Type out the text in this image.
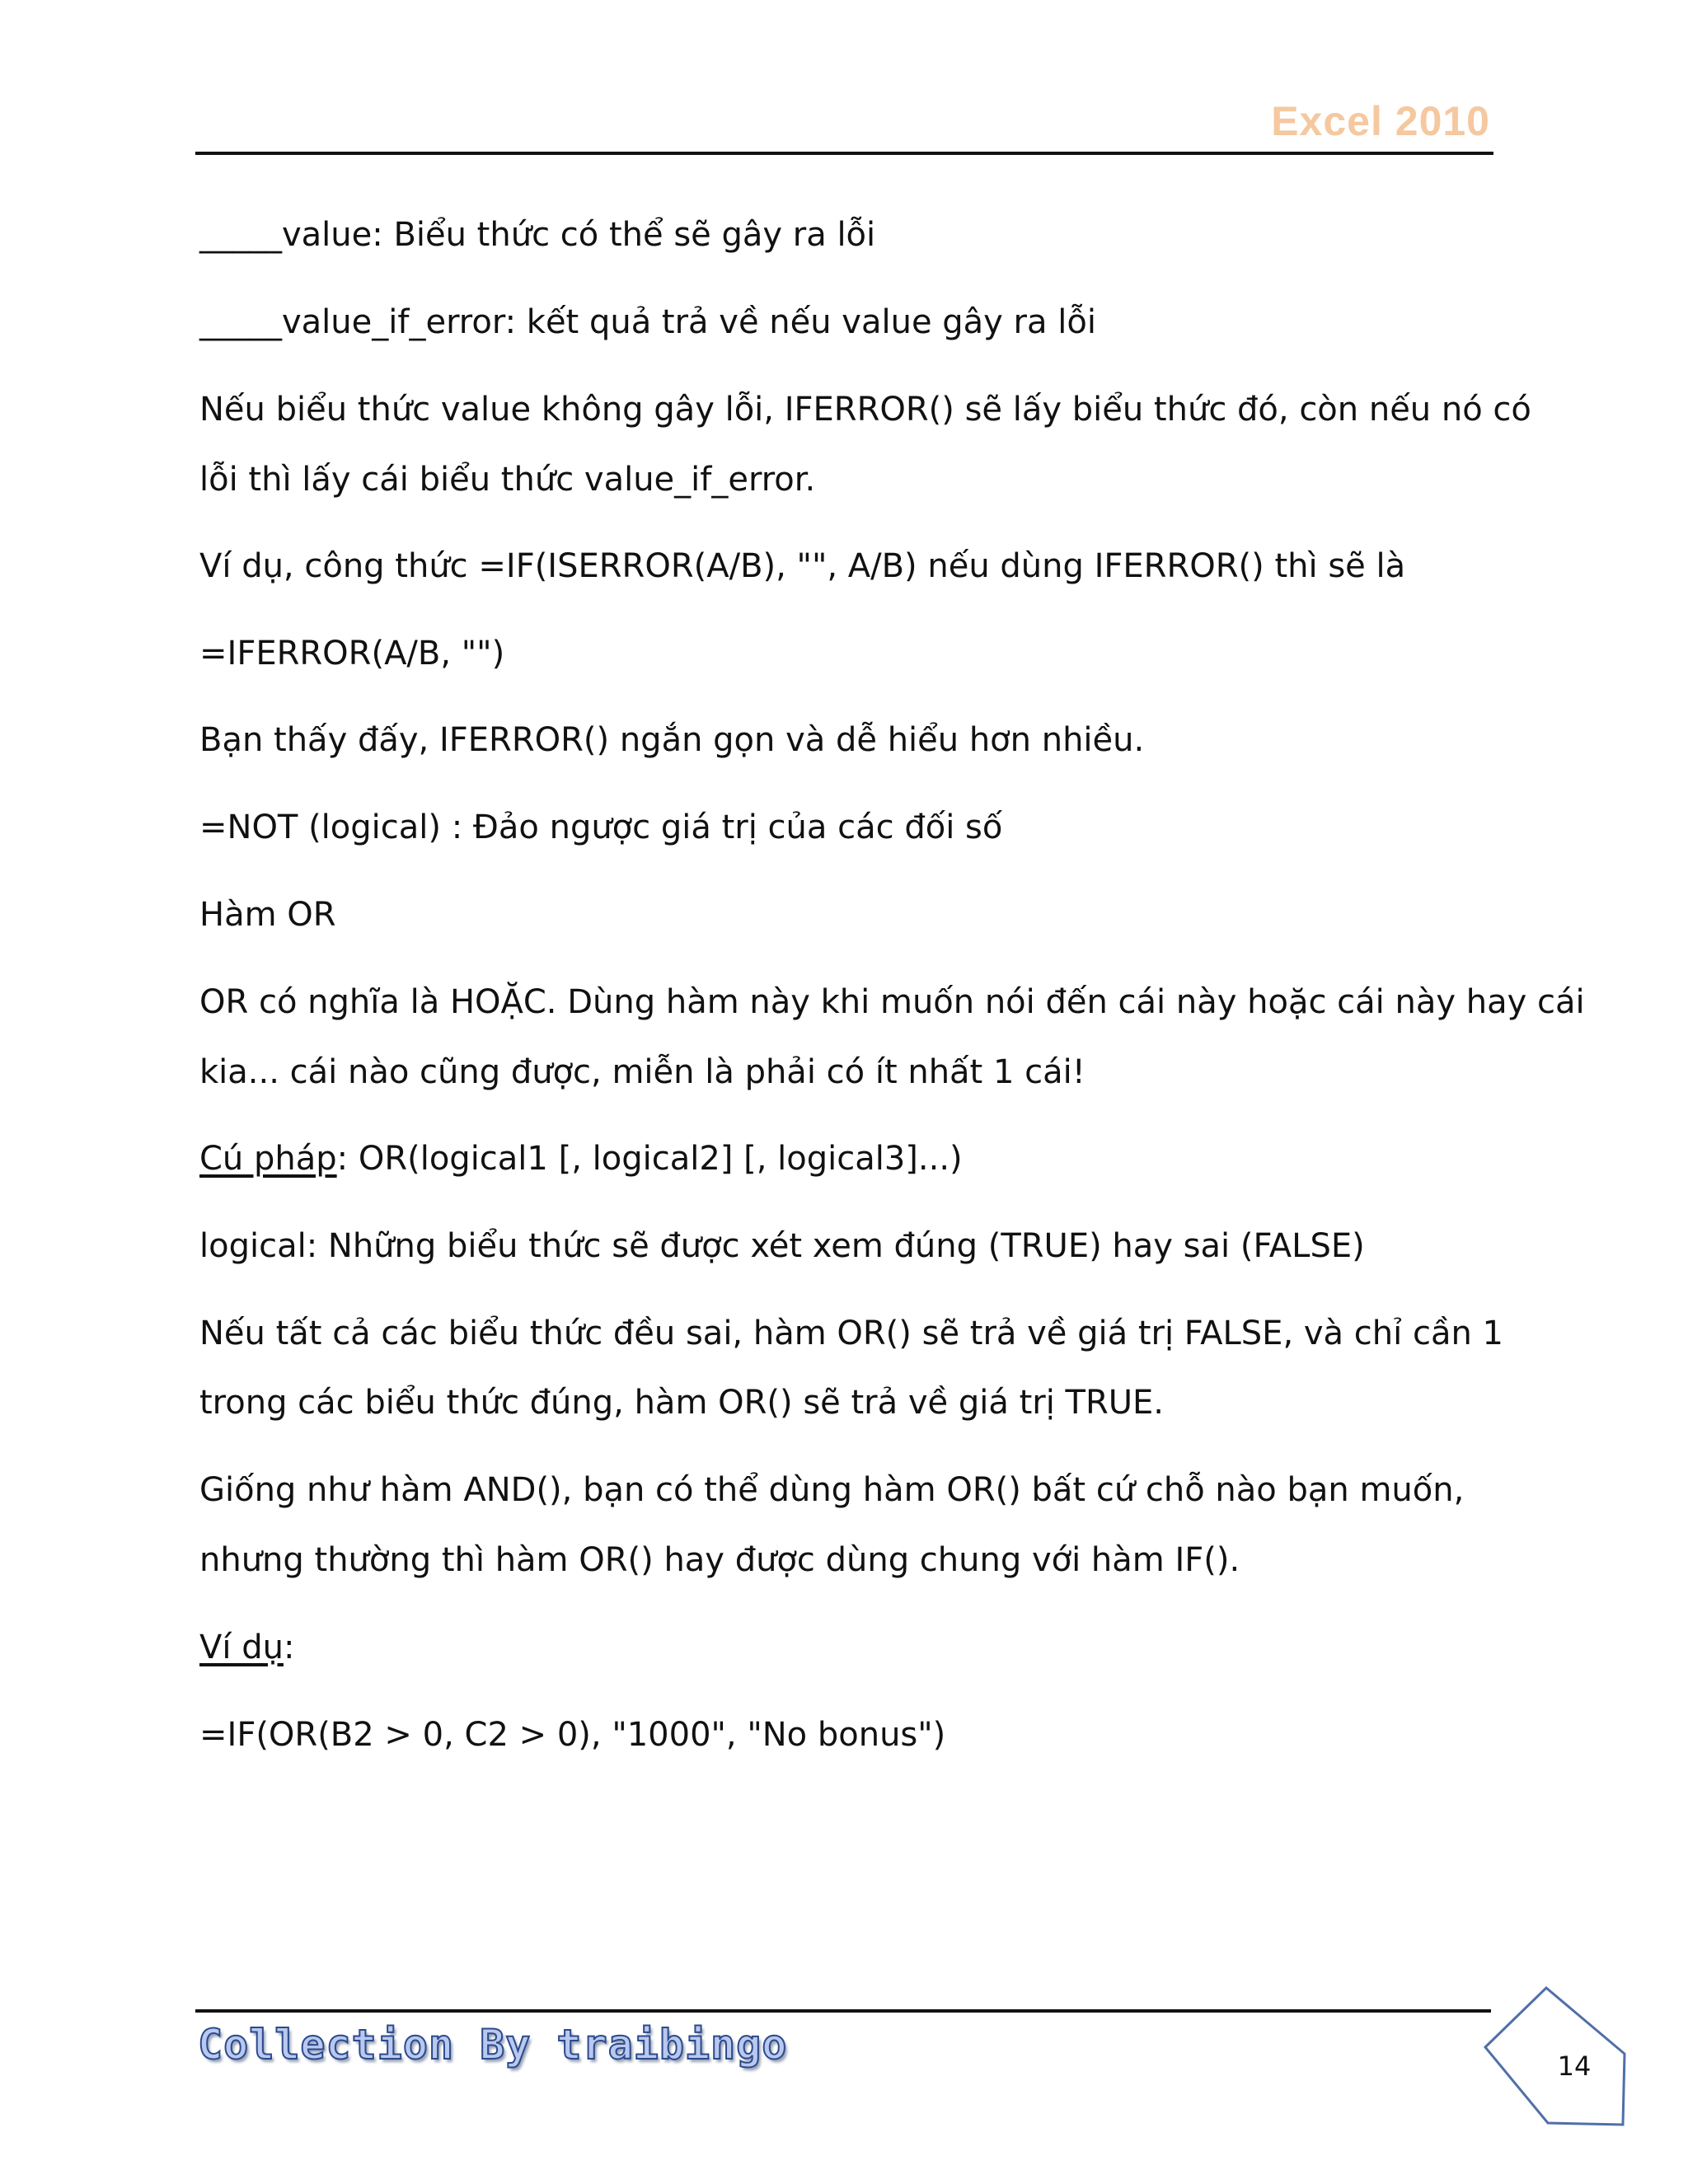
Excel 2010
_____value: Biểu thức có thể sẽ gây ra lỗi
_____value_if_error: kết quả trả về nếu value gây ra lỗi
Nếu biểu thức value không gây lỗi, IFERROR() sẽ lấy biểu thức đó, còn nếu nó có
lỗi thì lấy cái biểu thức value_if_error.
Ví dụ, công thức =IF(ISERROR(A/B), "", A/B) nếu dùng IFERROR() thì sẽ là
=IFERROR(A/B, "")
Bạn thấy đấy, IFERROR() ngắn gọn và dễ hiểu hơn nhiều.
=NOT (logical) : Đảo ngược giá trị của các đối số
Hàm OR
OR có nghĩa là HOẶC. Dùng hàm này khi muốn nói đến cái này hoặc cái này hay cái
kia... cái nào cũng được, miễn là phải có ít nhất 1 cái!
Cú pháp: OR(logical1 [, logical2] [, logical3]...)
logical: Những biểu thức sẽ được xét xem đúng (TRUE) hay sai (FALSE)
Nếu tất cả các biểu thức đều sai, hàm OR() sẽ trả về giá trị FALSE, và chỉ cần 1
trong các biểu thức đúng, hàm OR() sẽ trả về giá trị TRUE.
Giống như hàm AND(), bạn có thể dùng hàm OR() bất cứ chỗ nào bạn muốn,
nhưng thường thì hàm OR() hay được dùng chung với hàm IF().
Ví dụ:
=IF(OR(B2 > 0, C2 > 0), "1000", "No bonus")
Collection By traibingo	14
